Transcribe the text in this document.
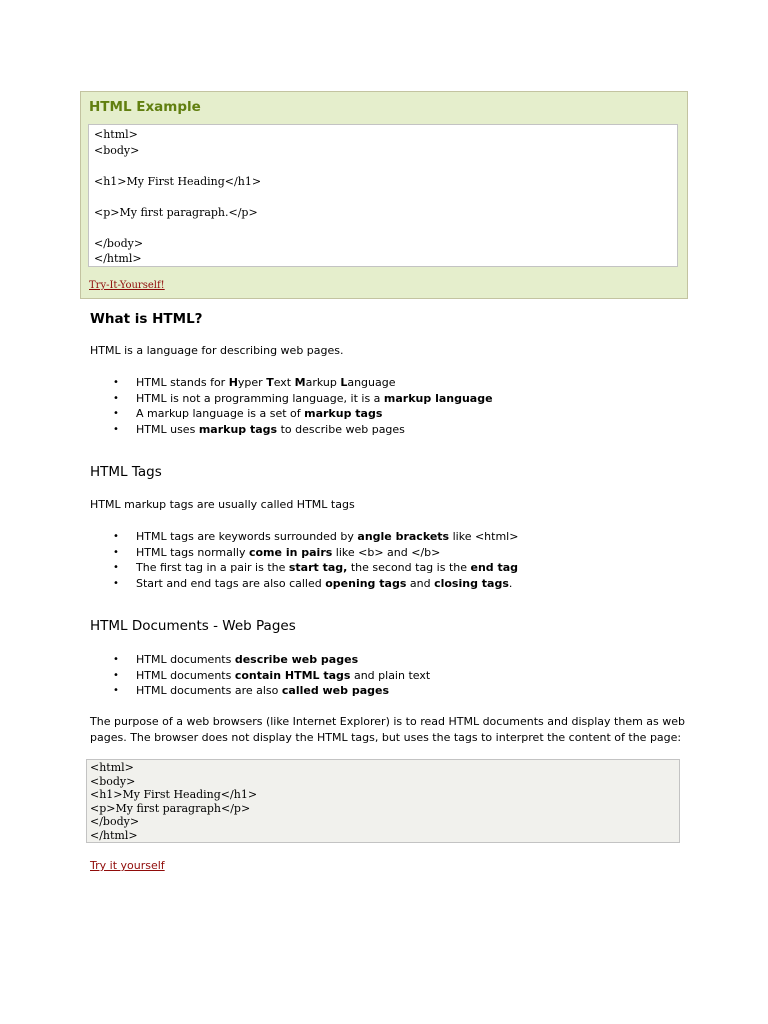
HTML Example
<html>
<body>

<h1>My First Heading</h1>

<p>My first paragraph.</p>

</body>
</html>
Try-It-Yourself!
What is HTML?

HTML is a language for describing web pages.

• HTML stands for Hyper Text Markup Language
• HTML is not a programming language, it is a markup language
• A markup language is a set of markup tags
• HTML uses markup tags to describe web pages
HTML Tags

HTML markup tags are usually called HTML tags

• HTML tags are keywords surrounded by angle brackets like <html>
• HTML tags normally come in pairs like <b> and </b>
• The first tag in a pair is the start tag, the second tag is the end tag
• Start and end tags are also called opening tags and closing tags.
HTML Documents - Web Pages
• HTML documents describe web pages
• HTML documents contain HTML tags and plain text
• HTML documents are also called web pages

The purpose of a web browsers (like Internet Explorer) is to read HTML documents and display them as web pages. The browser does not display the HTML tags, but uses the tags to interpret the content of the page:

<html>
<body>
<h1>My First Heading</h1>
<p>My first paragraph</p>
</body>
</html>
Try it yourself
